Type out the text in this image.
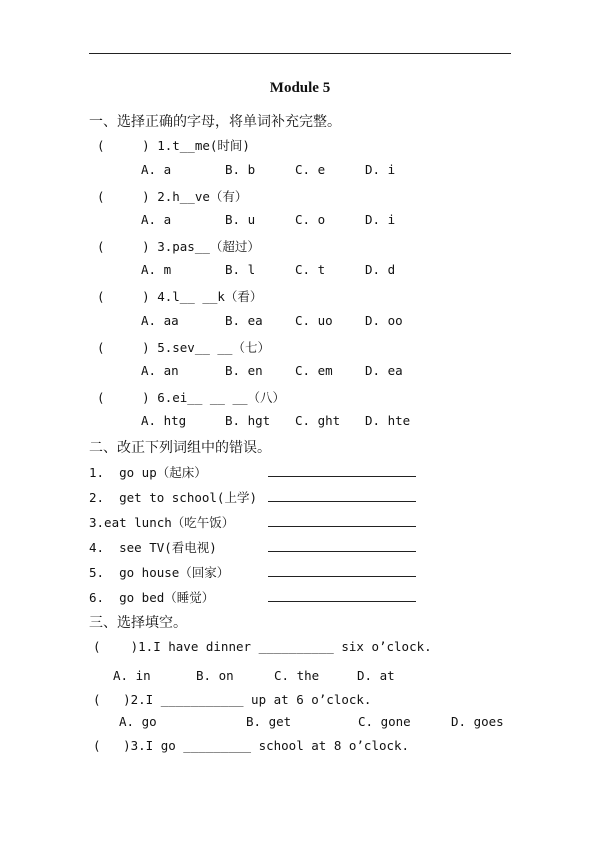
Module 5
一、选择正确的字母，将单词补充完整。
(     ) 1.t__me(时间)
A. a	B. b	C. e	D. i
(     ) 2.h__ve（有）
A. a	B. u	C. o	D. i
(     ) 3.pas__（超过）
A. m	B. l	C. t	D. d
(     ) 4.l__ __k（看）
A. aa	B. ea	C. uo	D. oo
(     ) 5.sev__ __（七）
A. an	B. en	C. em	D. ea
(     ) 6.ei__ __ __（八）
A. htg	B. hgt C. ght D. hte
二、改正下列词组中的错误。
1.  go up（起床）
2.  get to school(上学)
3.eat lunch（吃午饭）
4.  see TV(看电视)
5.  go house（回家）
6.  go bed（睡觉）
三、选择填空。
(    )1.I have dinner __________ six o’clock.
A. in	B. on	C. the	D. at
(   )2.I ___________ up at 6 o’clock.
A. go	B. get	C. gone	D. goes
(   )3.I go _________ school at 8 o’clock.
